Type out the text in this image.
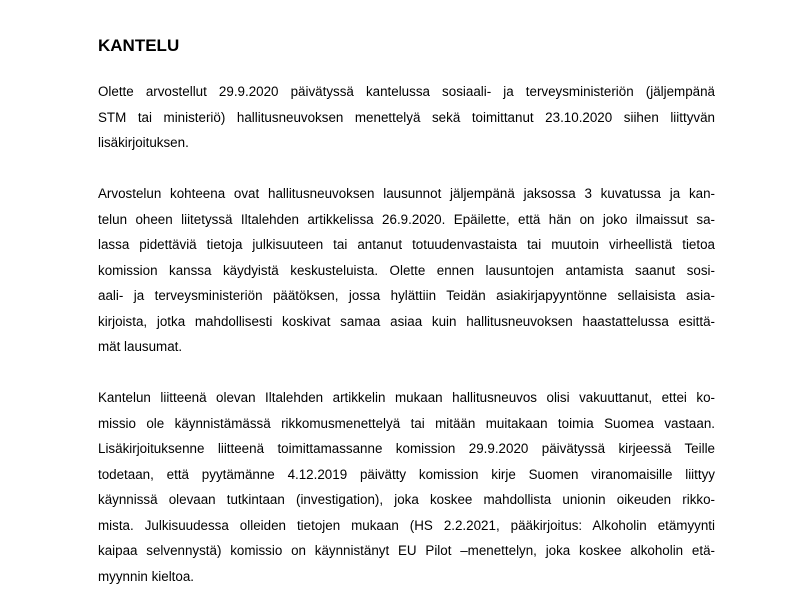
KANTELU
Olette arvostellut 29.9.2020 päivätyssä kantelussa sosiaali- ja terveysministeriön (jäljempänä
STM tai ministeriö) hallitusneuvoksen menettelyä sekä toimittanut 23.10.2020 siihen liittyvän
lisäkirjoituksen.
Arvostelun kohteena ovat hallitusneuvoksen lausunnot jäljempänä jaksossa 3 kuvatussa ja kan-
telun oheen liitetyssä Iltalehden artikkelissa 26.9.2020. Epäilette, että hän on joko ilmaissut sa-
lassa pidettäviä tietoja julkisuuteen tai antanut totuudenvastaista tai muutoin virheellistä tietoa
komission kanssa käydyistä keskusteluista. Olette ennen lausuntojen antamista saanut sosi-
aali- ja terveysministeriön päätöksen, jossa hylättiin Teidän asiakirjapyyntönne sellaisista asia-
kirjoista, jotka mahdollisesti koskivat samaa asiaa kuin hallitusneuvoksen haastattelussa esittä-
mät lausumat.
Kantelun liitteenä olevan Iltalehden artikkelin mukaan hallitusneuvos olisi vakuuttanut, ettei ko-
missio ole käynnistämässä rikkomusmenettelyä tai mitään muitakaan toimia Suomea vastaan.
Lisäkirjoituksenne liitteenä toimittamassanne komission 29.9.2020 päivätyssä kirjeessä Teille
todetaan, että pyytämänne 4.12.2019 päivätty komission kirje Suomen viranomaisille liittyy
käynnissä olevaan tutkintaan (investigation), joka koskee mahdollista unionin oikeuden rikko-
mista. Julkisuudessa olleiden tietojen mukaan (HS 2.2.2021, pääkirjoitus: Alkoholin etämyynti
kaipaa selvennystä) komissio on käynnistänyt EU Pilot –menettelyn, joka koskee alkoholin etä-
myynnin kieltoa.
